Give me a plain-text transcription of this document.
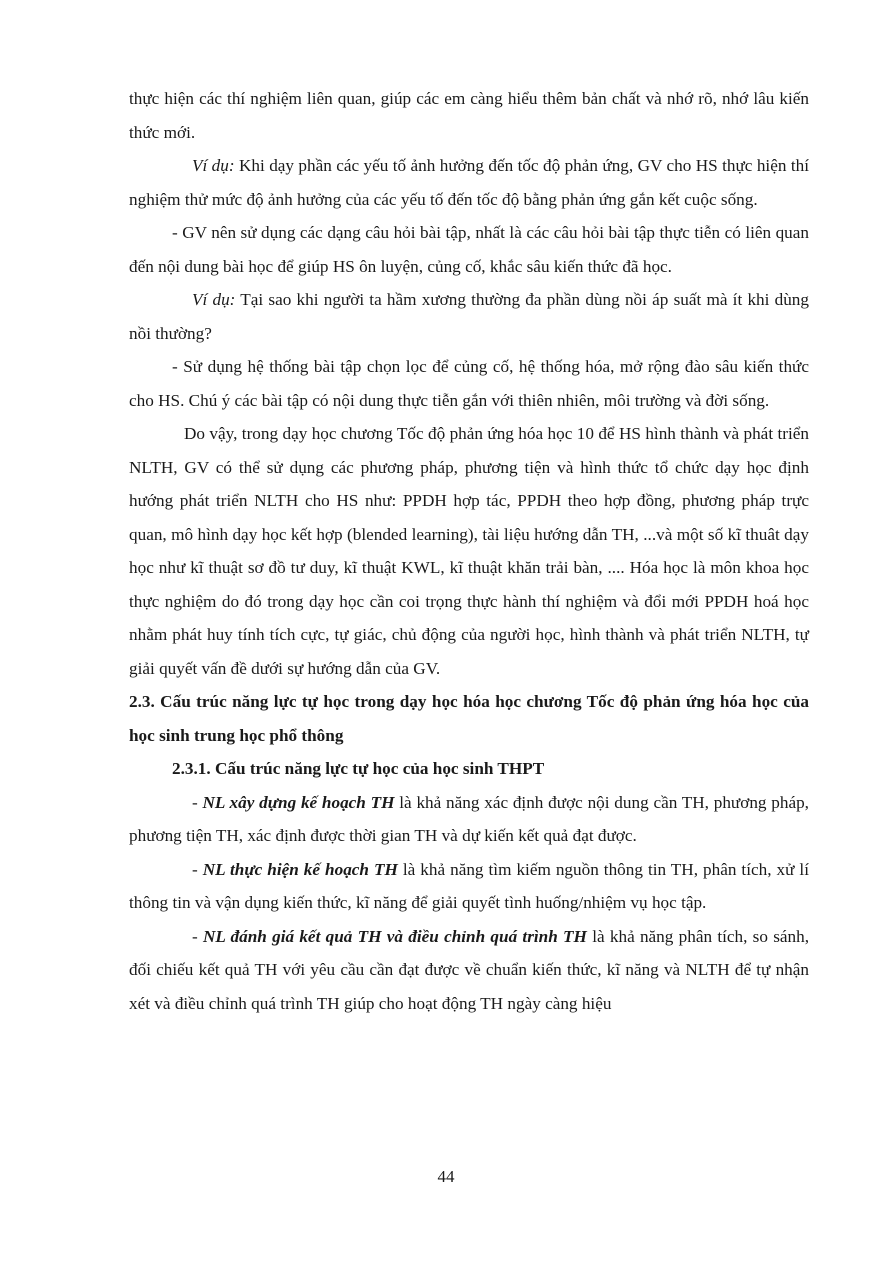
thực hiện các thí nghiệm liên quan, giúp các em càng hiểu thêm bản chất và nhớ rõ, nhớ lâu kiến thức mới.

Ví dụ: Khi dạy phần các yếu tố ảnh hưởng đến tốc độ phản ứng, GV cho HS thực hiện thí nghiệm thử mức độ ảnh hưởng của các yếu tố đến tốc độ bằng phản ứng gắn kết cuộc sống.

- GV nên sử dụng các dạng câu hỏi bài tập, nhất là các câu hỏi bài tập thực tiễn có liên quan đến nội dung bài học để giúp HS ôn luyện, củng cố, khắc sâu kiến thức đã học.

Ví dụ: Tại sao khi người ta hầm xương thường đa phần dùng nồi áp suất mà ít khi dùng nồi thường?

- Sử dụng hệ thống bài tập chọn lọc để củng cố, hệ thống hóa, mở rộng đào sâu kiến thức cho HS. Chú ý các bài tập có nội dung thực tiễn gắn với thiên nhiên, môi trường và đời sống.

Do vậy, trong dạy học chương Tốc độ phản ứng hóa học 10 để HS hình thành và phát triển NLTH, GV có thể sử dụng các phương pháp, phương tiện và hình thức tổ chức dạy học định hướng phát triển NLTH cho HS như: PPDH hợp tác, PPDH theo hợp đồng, phương pháp trực quan, mô hình dạy học kết hợp (blended learning), tài liệu hướng dẫn TH, ...và một số kĩ thuât dạy học như kĩ thuật sơ đồ tư duy, kĩ thuật KWL, kĩ thuật khăn trải bàn, .... Hóa học là môn khoa học thực nghiệm do đó trong dạy học cần coi trọng thực hành thí nghiệm và đổi mới PPDH hoá học nhằm phát huy tính tích cực, tự giác, chủ động của người học, hình thành và phát triển NLTH, tự giải quyết vấn đề dưới sự hướng dẫn của GV.

2.3. Cấu trúc năng lực tự học trong dạy học hóa học chương Tốc độ phản ứng hóa học của học sinh trung học phổ thông

2.3.1. Cấu trúc năng lực tự học của học sinh THPT

- NL xây dựng kế hoạch TH là khả năng xác định được nội dung cần TH, phương pháp, phương tiện TH, xác định được thời gian TH và dự kiến kết quả đạt được.

- NL thực hiện kế hoạch TH là khả năng tìm kiếm nguồn thông tin TH, phân tích, xử lí thông tin và vận dụng kiến thức, kĩ năng để giải quyết tình huống/nhiệm vụ học tập.

- NL đánh giá kết quả TH và điều chỉnh quá trình TH là khả năng phân tích, so sánh, đối chiếu kết quả TH với yêu cầu cần đạt được về chuẩn kiến thức, kĩ năng và NLTH để tự nhận xét và điều chỉnh quá trình TH giúp cho hoạt động TH ngày càng hiệu

44
